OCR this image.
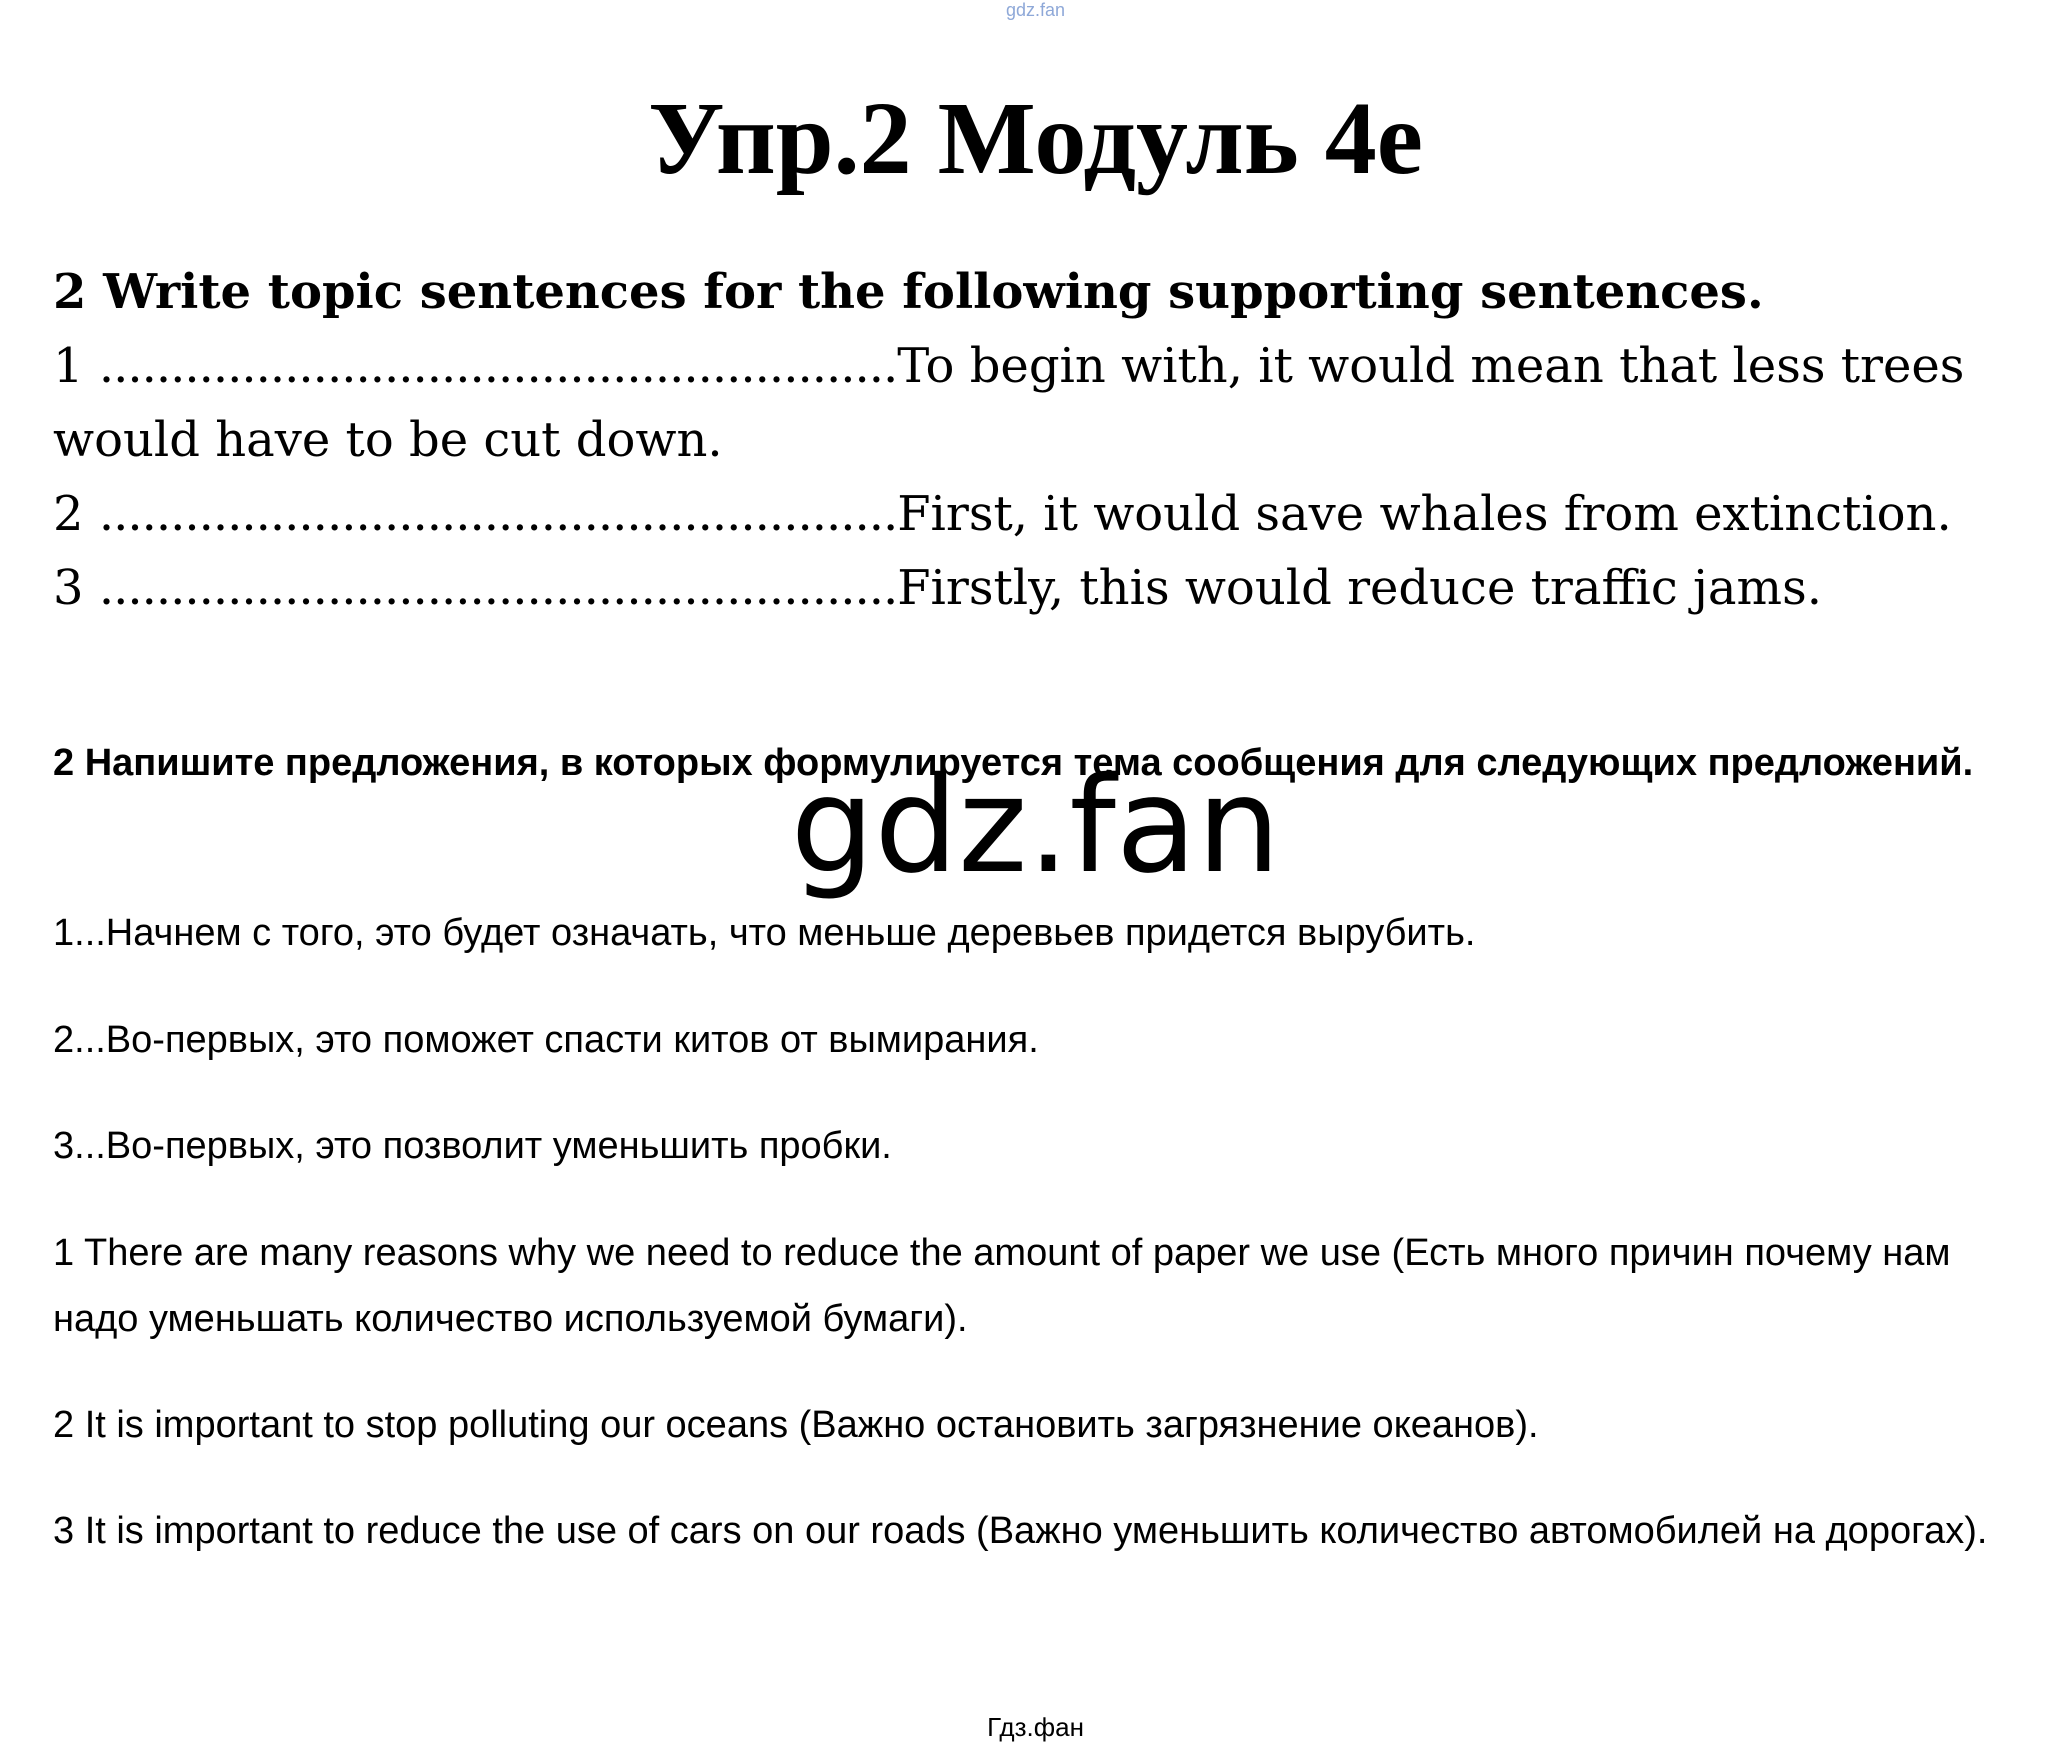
gdz.fan
Упр.2 Модуль 4е

2 Write topic sentences for the following supporting sentences.

1 ........................................................To begin with, it would mean that less trees would have to be cut down.

2 ........................................................First, it would save whales from extinction.

3 ........................................................Firstly, this would reduce traffic jams.

2 Напишите предложения, в которых формулируется тема сообщения для следующих предложений.

1...Начнем с того, это будет означать, что меньше деревьев придется вырубить.

2...Во-первых, это поможет спасти китов от вымирания.

3...Во-первых, это позволит уменьшить пробки.

1 There are many reasons why we need to reduce the amount of paper we use (Есть много причин почему нам надо уменьшать количество используемой бумаги).

2 It is important to stop polluting our oceans (Важно остановить загрязнение океанов).

3 It is important to reduce the use of cars on our roads (Важно уменьшить количество автомобилей на дорогах).

gdz.fan
Гдз.фан
